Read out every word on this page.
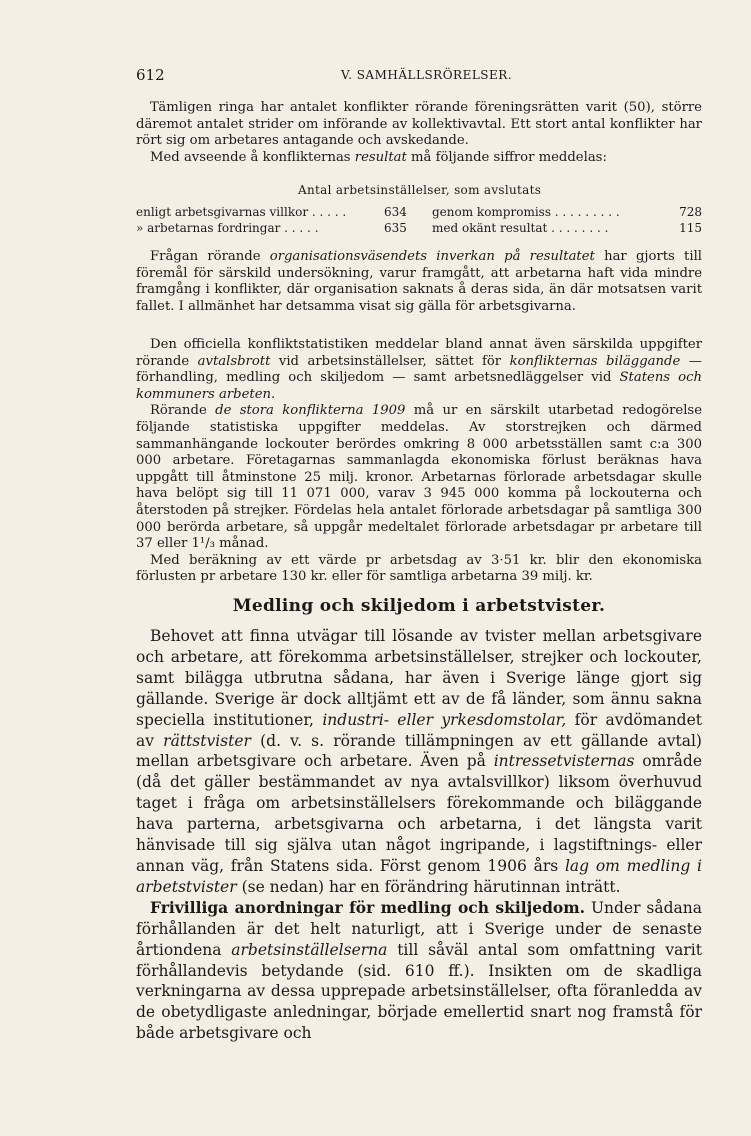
612	V. SAMHÄLLSRÖRELSER.

Tämligen ringa har antalet konflikter rörande föreningsrätten varit (50), större däremot antalet strider om införande av kollektivavtal. Ett stort antal konflikter har rört sig om arbetares antagande och avskedande.

Med avseende å konflikternas resultat må följande siffror meddelas:

Antal arbetsinställelser, som avslutats
enligt arbetsgivarnas villkor . . . . .	634 genom kompromiss . . . . . . . . .	728
» arbetarnas fordringar . . . . .	635 med okänt resultat . . . . . . . .	115

Frågan rörande organisationsväsendets inverkan på resultatet har gjorts till föremål för särskild undersökning, varur framgått, att arbetarna haft vida mindre framgång i konflikter, där organisation saknats å deras sida, än där motsatsen varit fallet. I allmänhet har detsamma visat sig gälla för arbetsgivarna.

Den officiella konfliktstatistiken meddelar bland annat även särskilda uppgifter rörande avtalsbrott vid arbetsinställelser, sättet för konflikternas biläggande — förhandling, medling och skiljedom — samt arbetsnedläggelser vid Statens och kommuners arbeten.

Rörande de stora konflikterna 1909 må ur en särskilt utarbetad redogörelse följande statistiska uppgifter meddelas. Av storstrejken och därmed sammanhängande lockouter berördes omkring 8 000 arbetsställen samt c:a 300 000 arbetare. Företagarnas sammanlagda ekonomiska förlust beräknas hava uppgått till åtminstone 25 milj. kronor. Arbetarnas förlorade arbetsdagar skulle hava belöpt sig till 11 071 000, varav 3 945 000 komma på lockouterna och återstoden på strejker. Fördelas hela antalet förlorade arbetsdagar på samtliga 300 000 berörda arbetare, så uppgår medeltalet förlorade arbetsdagar pr arbetare till 37 eller 1¹/₃ månad.

Med beräkning av ett värde pr arbetsdag av 3·51 kr. blir den ekonomiska förlusten pr arbetare 130 kr. eller för samtliga arbetarna 39 milj. kr.

Medling och skiljedom i arbetstvister.

Behovet att finna utvägar till lösande av tvister mellan arbetsgivare och arbetare, att förekomma arbetsinställelser, strejker och lockouter, samt bilägga utbrutna sådana, har även i Sverige länge gjort sig gällande. Sverige är dock alltjämt ett av de få länder, som ännu sakna speciella institutioner, industri- eller yrkesdomstolar, för avdömandet av rättstvister (d. v. s. rörande tillämpningen av ett gällande avtal) mellan arbetsgivare och arbetare. Även på intressetvisternas område (då det gäller bestämmandet av nya avtalsvillkor) liksom överhuvud taget i fråga om arbetsinställelsers förekommande och biläggande hava parterna, arbetsgivarna och arbetarna, i det längsta varit hänvisade till sig själva utan något ingripande, i lagstiftnings- eller annan väg, från Statens sida. Först genom 1906 års lag om medling i arbetstvister (se nedan) har en förändring härutinnan inträtt.

Frivilliga anordningar för medling och skiljedom. Under sådana förhållanden är det helt naturligt, att i Sverige under de senaste årtiondena arbetsinställelserna till såväl antal som omfattning varit förhållandevis betydande (sid. 610 ff.). Insikten om de skadliga verkningarna av dessa upprepade arbetsinställelser, ofta föranledda av de obetydligaste anledningar, började emellertid snart nog framstå för både arbetsgivare och
